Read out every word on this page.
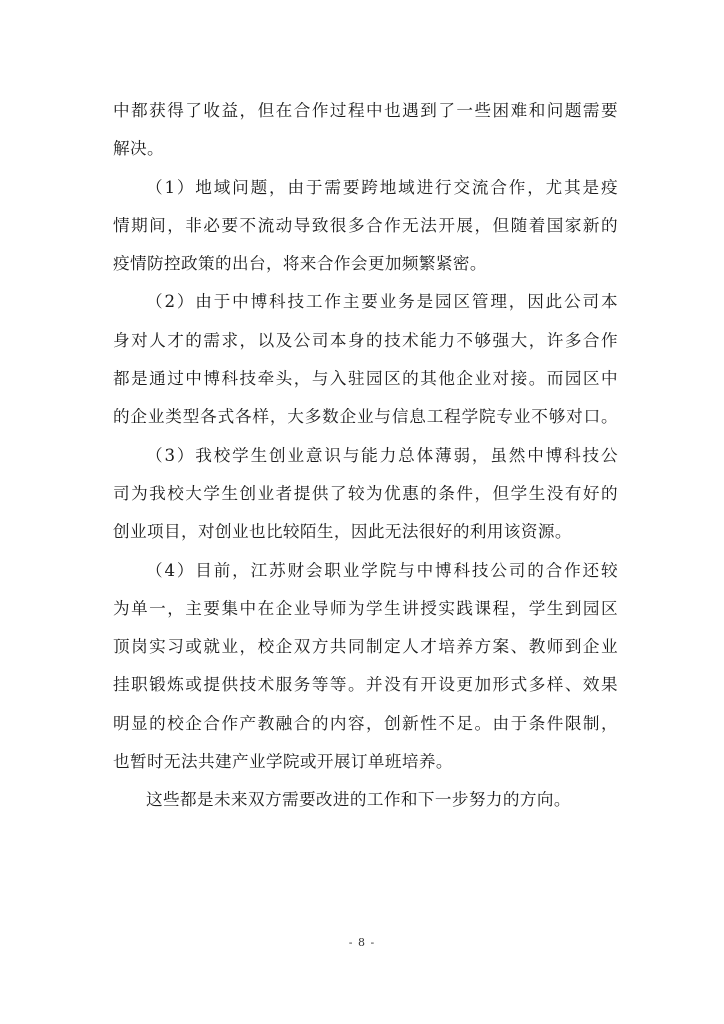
中都获得了收益，但在合作过程中也遇到了一些困难和问题需要
解决。
（1）地域问题，由于需要跨地域进行交流合作，尤其是疫
情期间，非必要不流动导致很多合作无法开展，但随着国家新的
疫情防控政策的出台，将来合作会更加频繁紧密。
（2）由于中博科技工作主要业务是园区管理，因此公司本
身对人才的需求，以及公司本身的技术能力不够强大，许多合作
都是通过中博科技牵头，与入驻园区的其他企业对接。而园区中
的企业类型各式各样，大多数企业与信息工程学院专业不够对口。
（3）我校学生创业意识与能力总体薄弱，虽然中博科技公
司为我校大学生创业者提供了较为优惠的条件，但学生没有好的
创业项目，对创业也比较陌生，因此无法很好的利用该资源。
（4）目前，江苏财会职业学院与中博科技公司的合作还较
为单一，主要集中在企业导师为学生讲授实践课程，学生到园区
顶岗实习或就业，校企双方共同制定人才培养方案、教师到企业
挂职锻炼或提供技术服务等等。并没有开设更加形式多样、效果
明显的校企合作产教融合的内容，创新性不足。由于条件限制，
也暂时无法共建产业学院或开展订单班培养。
这些都是未来双方需要改进的工作和下一步努力的方向。
- 8 -
